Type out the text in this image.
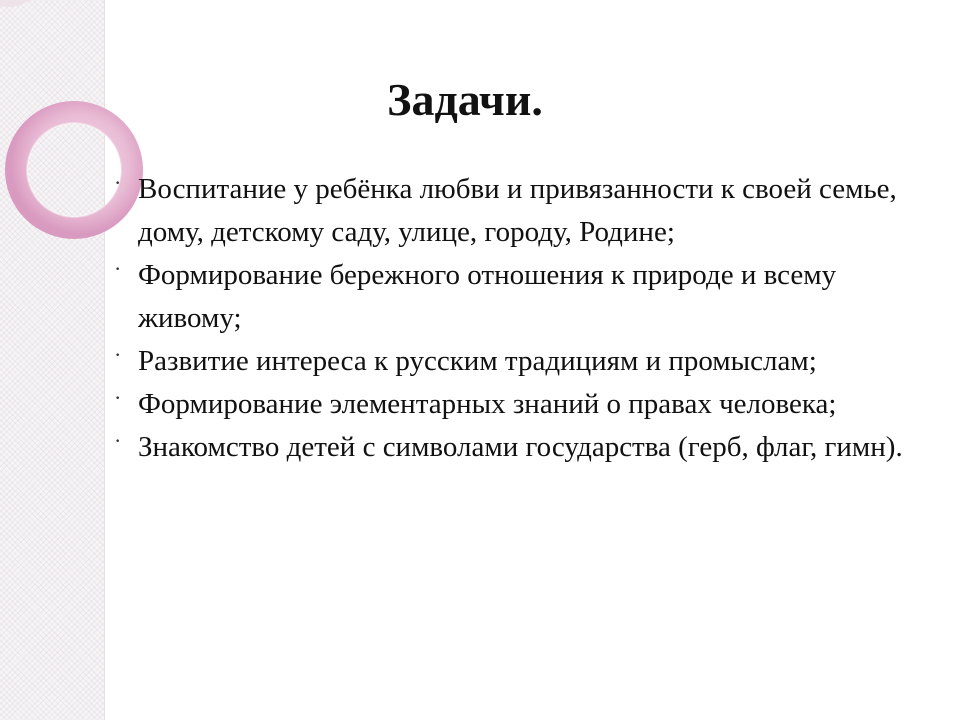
Задачи.
· Воспитание у ребёнка любви и привязанности к своей семье, дому, детскому саду, улице, городу, Родине;
· Формирование бережного отношения к природе и всему живому;
· Развитие интереса к русским традициям и промыслам;
· Формирование элементарных знаний о правах человека;
· Знакомство детей с символами государства (герб, флаг, гимн).
